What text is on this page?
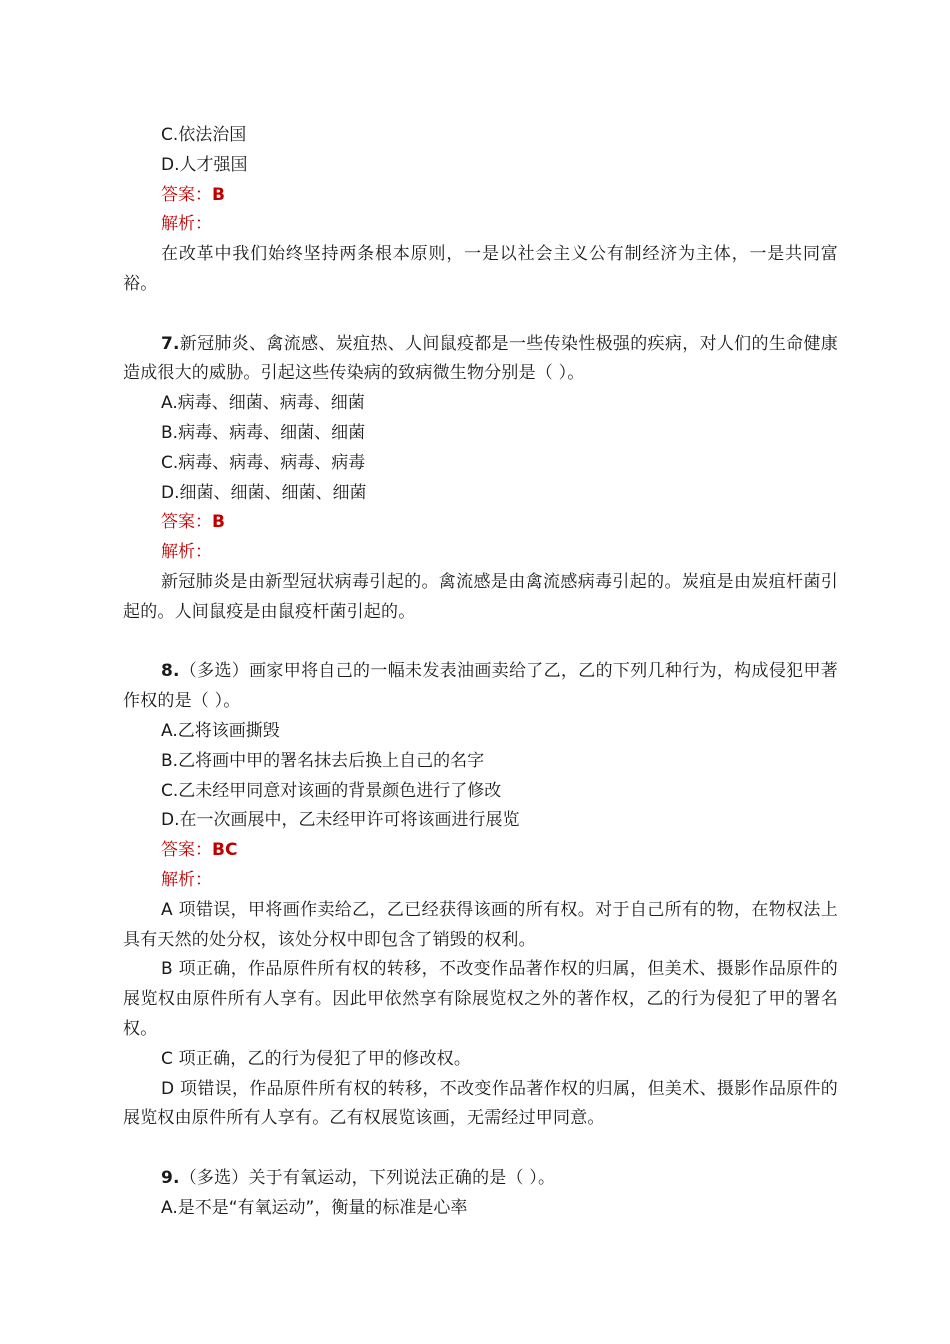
C.依法治国

D.人才强国

答案：B

解析：

在改革中我们始终坚持两条根本原则，一是以社会主义公有制经济为主体，一是共同富裕。

7.新冠肺炎、禽流感、炭疽热、人间鼠疫都是一些传染性极强的疾病，对人们的生命健康造成很大的威胁。引起这些传染病的致病微生物分别是（ ）。

A.病毒、细菌、病毒、细菌

B.病毒、病毒、细菌、细菌

C.病毒、病毒、病毒、病毒

D.细菌、细菌、细菌、细菌

答案：B

解析：

新冠肺炎是由新型冠状病毒引起的。禽流感是由禽流感病毒引起的。炭疽是由炭疽杆菌引起的。人间鼠疫是由鼠疫杆菌引起的。

8.（多选）画家甲将自己的一幅未发表油画卖给了乙，乙的下列几种行为，构成侵犯甲著作权的是（ ）。

A.乙将该画撕毁

B.乙将画中甲的署名抹去后换上自己的名字

C.乙未经甲同意对该画的背景颜色进行了修改

D.在一次画展中，乙未经甲许可将该画进行展览

答案：BC

解析：

A 项错误，甲将画作卖给乙，乙已经获得该画的所有权。对于自己所有的物，在物权法上具有天然的处分权，该处分权中即包含了销毁的权利。

B 项正确，作品原件所有权的转移，不改变作品著作权的归属，但美术、摄影作品原件的展览权由原件所有人享有。因此甲依然享有除展览权之外的著作权，乙的行为侵犯了甲的署名权。

C 项正确，乙的行为侵犯了甲的修改权。

D 项错误，作品原件所有权的转移，不改变作品著作权的归属，但美术、摄影作品原件的展览权由原件所有人享有。乙有权展览该画，无需经过甲同意。

9.（多选）关于有氧运动，下列说法正确的是（ ）。

A.是不是“有氧运动”，衡量的标准是心率
